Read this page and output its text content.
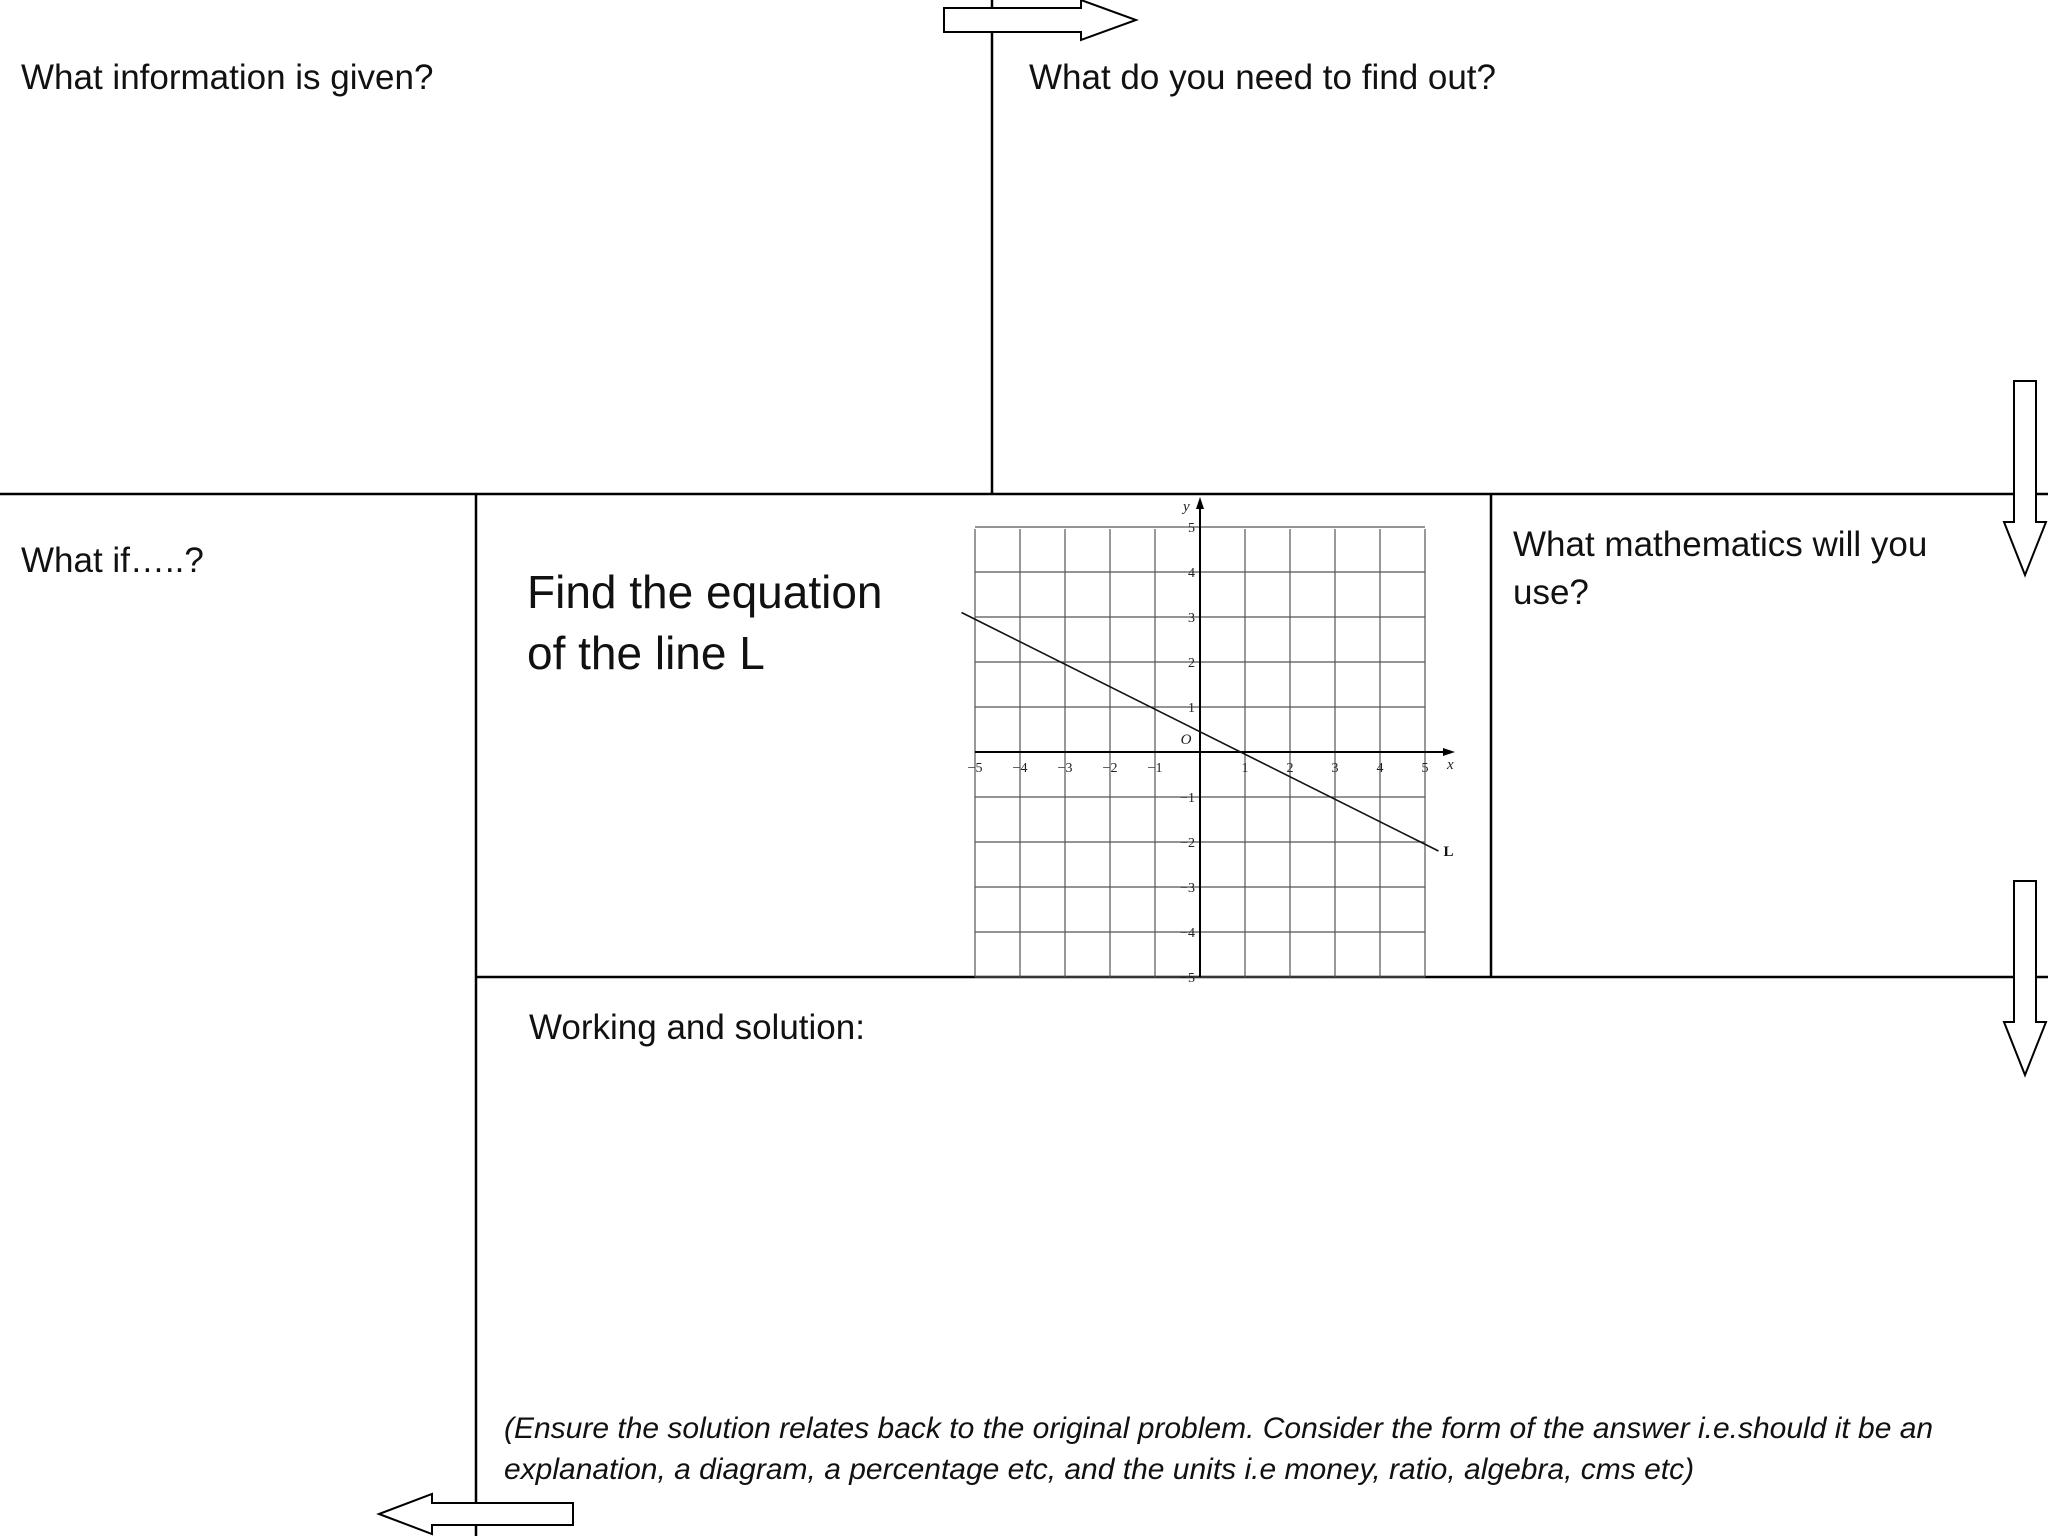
−5 −4 −3 −2 −1	1	2	3	4	5
5
4
3
2
1
−1
−2
−3
−4
−5
O
x
y
L

What information is given?	What do you need to find out?

What if…..?	What mathematics will you

use?

Find the equation

of the line L

Working and solution:

(Ensure the solution relates back to the original problem. Consider the form of the answer i.e.should it be an

explanation, a diagram, a percentage etc, and the units i.e money, ratio, algebra, cms etc)
